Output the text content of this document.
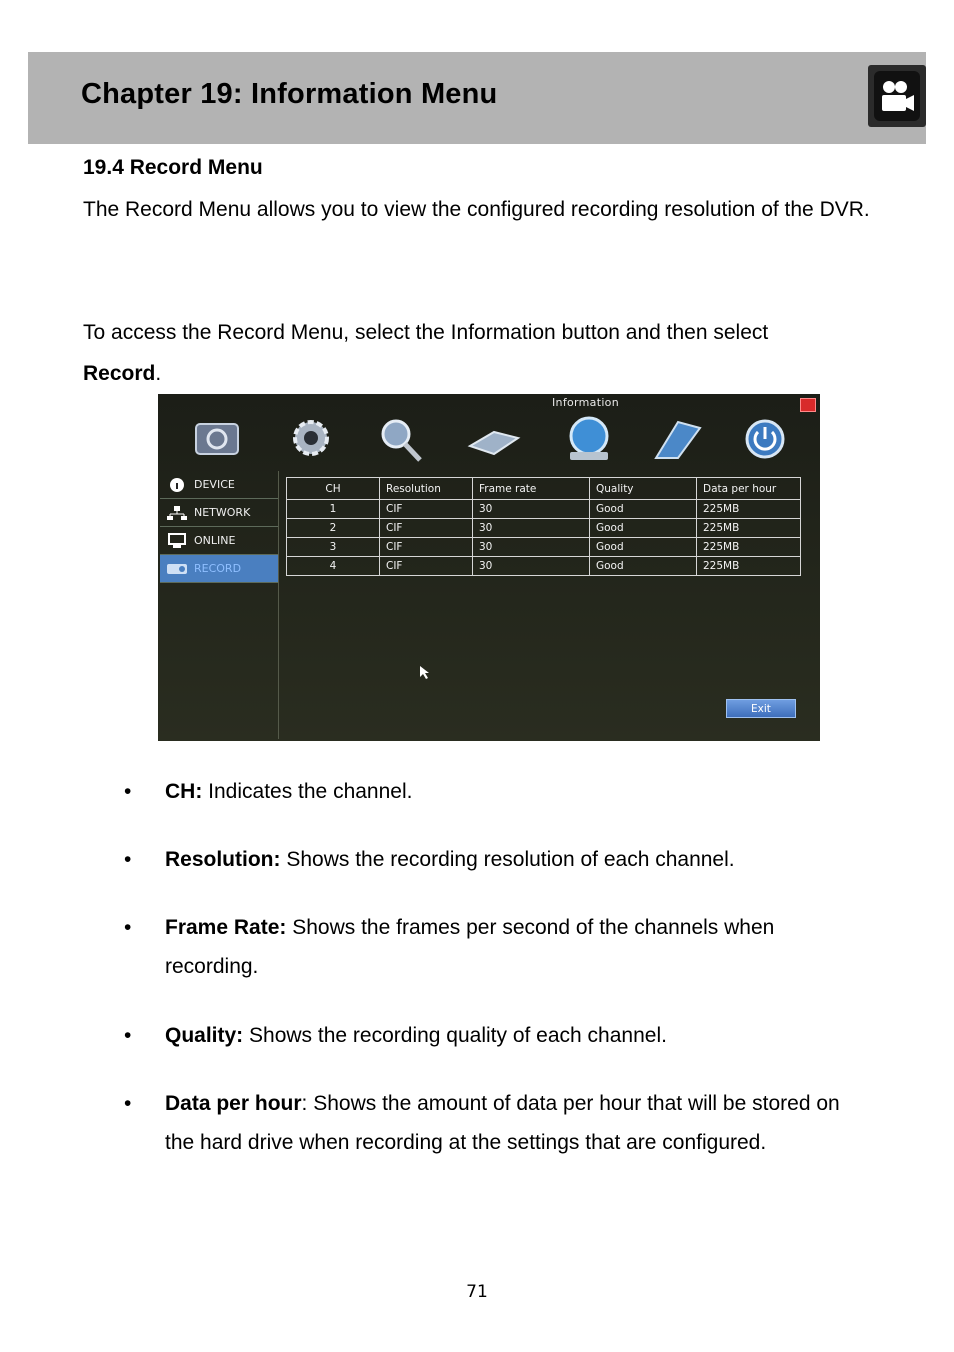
Chapter 19: Information Menu
19.4 Record Menu
The Record Menu allows you to view the configured recording resolution of the DVR.
To access the Record Menu, select the Information button and then select
Record.
Information
DEVICE
NETWORK
ONLINE
RECORD
CH	Resolution	Frame rate	Quality	Data per hour
1	CIF	30	Good	225MB
2	CIF	30	Good	225MB
3	CIF	30	Good	225MB
4	CIF	30	Good	225MB
Exit
• CH: Indicates the channel.
• Resolution: Shows the recording resolution of each channel.
• Frame Rate: Shows the frames per second of the channels when recording.
• Quality: Shows the recording quality of each channel.
• Data per hour: Shows the amount of data per hour that will be stored on the hard drive when recording at the settings that are configured.
71
